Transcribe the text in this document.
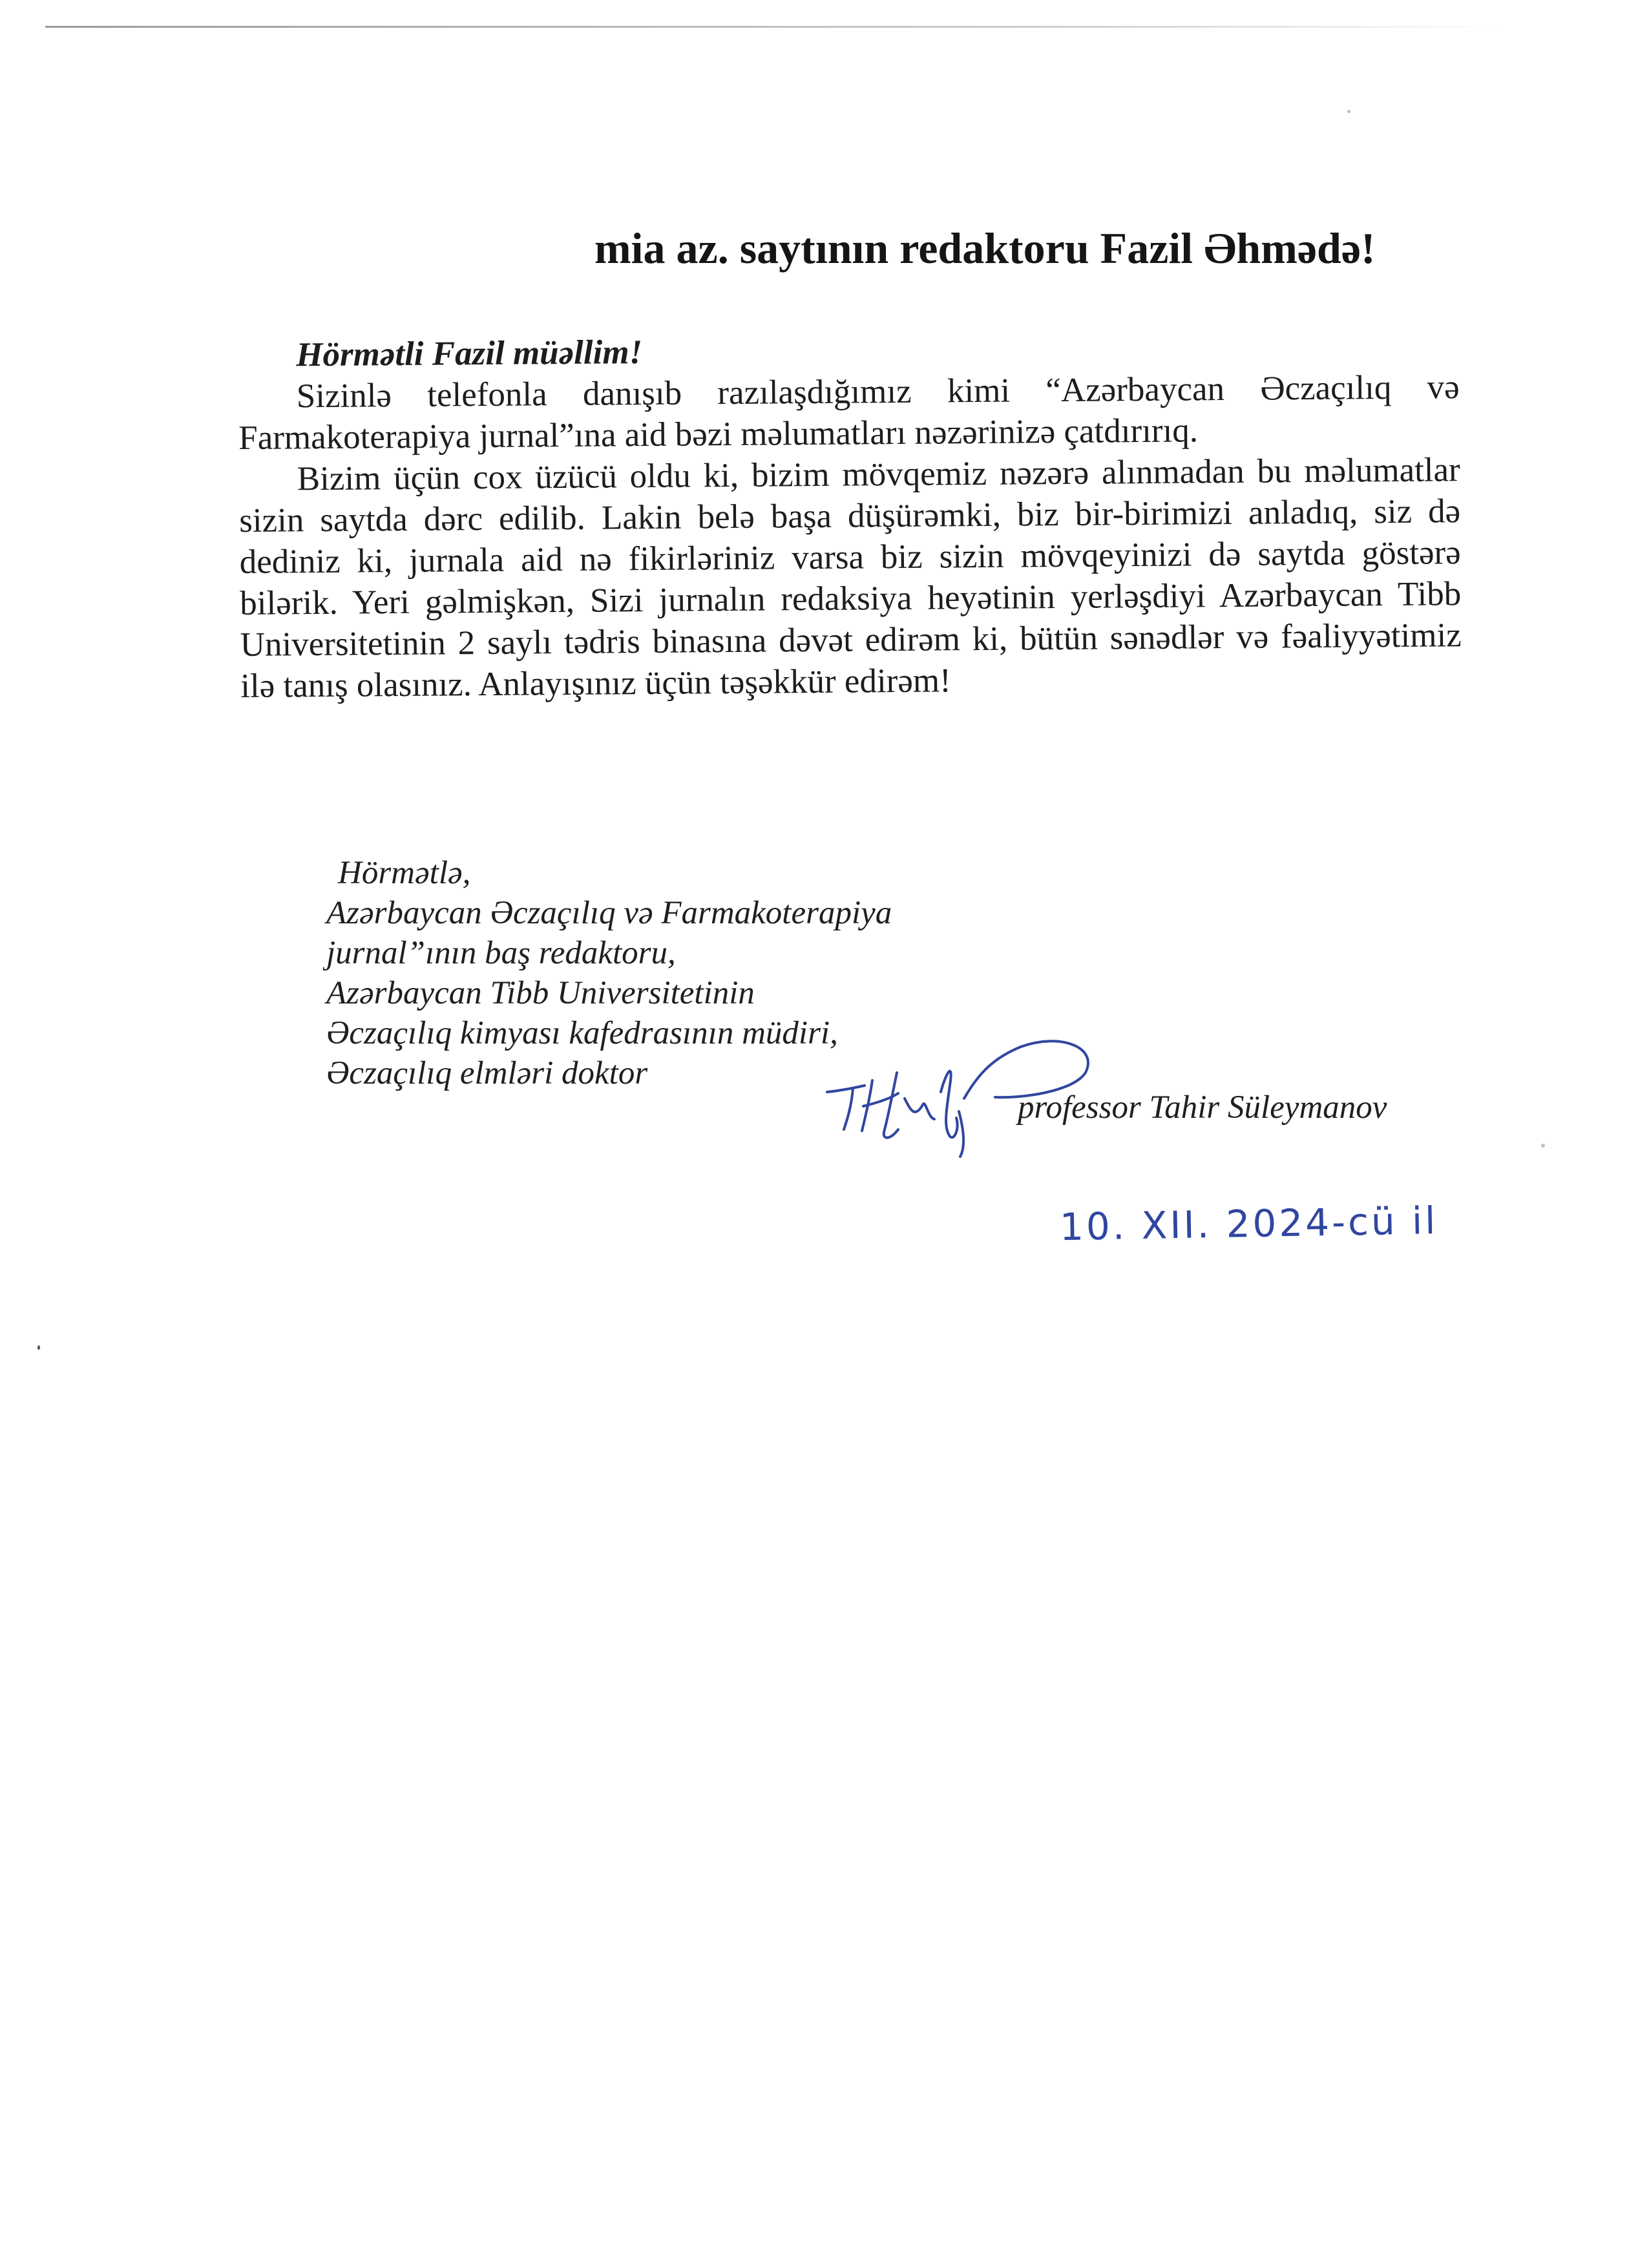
mia az. saytının redaktoru Fazil Əhmədə!
Hörmətli Fazil müəllim!

Sizinlə telefonla danışıb razılaşdığımız kimi “Azərbaycan Əczaçılıq və Farmakoterapiya jurnal”ına aid bəzi məlumatları nəzərinizə çatdırırıq.

Bizim üçün cox üzücü oldu ki, bizim mövqemiz nəzərə alınmadan bu məlumatlar sizin saytda dərc edilib. Lakin belə başa düşürəmki, biz bir-birimizi anladıq, siz də dediniz ki, jurnala aid nə fikirləriniz varsa biz sizin mövqeyinizi də saytda göstərə bilərik. Yeri gəlmişkən, Sizi jurnalın redaksiya heyətinin yerləşdiyi Azərbaycan Tibb Universitetinin 2 saylı tədris binasına dəvət edirəm ki, bütün sənədlər və fəaliyyətimiz ilə tanış olasınız. Anlayışınız üçün təşəkkür edirəm!

Hörmətlə,
Azərbaycan Əczaçılıq və Farmakoterapiya
jurnal”ının baş redaktoru,
Azərbaycan Tibb Universitetinin
Əczaçılıq kimyası kafedrasının müdiri,
Əczaçılıq elmləri doktor
professor Tahir Süleymanov
10. XII. 2024-cü il
